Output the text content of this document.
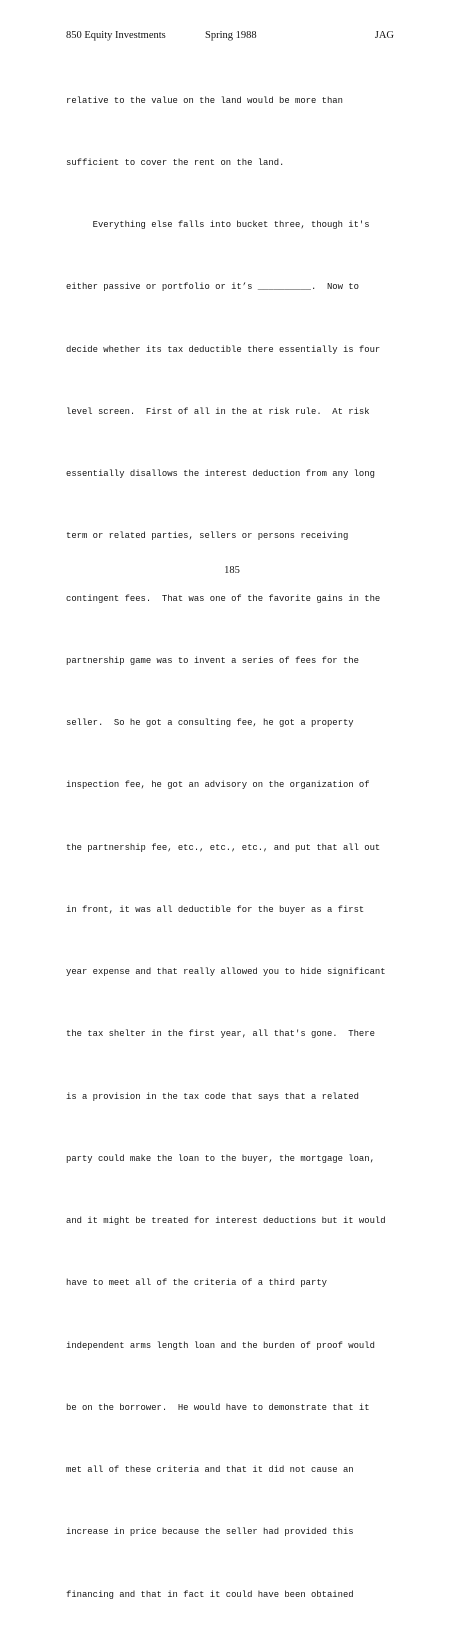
850 Equity Investments	Spring 1988	JAG

relative to the value on the land would be more than

sufficient to cover the rent on the land.

Everything else falls into bucket three, though it's

either passive or portfolio or it’s __________.  Now to

decide whether its tax deductible there essentially is four

level screen.  First of all in the at risk rule.  At risk

essentially disallows the interest deduction from any long

term or related parties, sellers or persons receiving

contingent fees.  That was one of the favorite gains in the

partnership game was to invent a series of fees for the

seller.  So he got a consulting fee, he got a property

inspection fee, he got an advisory on the organization of

the partnership fee, etc., etc., etc., and put that all out

in front, it was all deductible for the buyer as a first

year expense and that really allowed you to hide significant

the tax shelter in the first year, all that's gone.  There

is a provision in the tax code that says that a related

party could make the loan to the buyer, the mortgage loan,

and it might be treated for interest deductions but it would

have to meet all of the criteria of a third party

independent arms length loan and the burden of proof would

be on the borrower.  He would have to demonstrate that it

met all of these criteria and that it did not cause an

increase in price because the seller had provided this

financing and that in fact it could have been obtained

185
